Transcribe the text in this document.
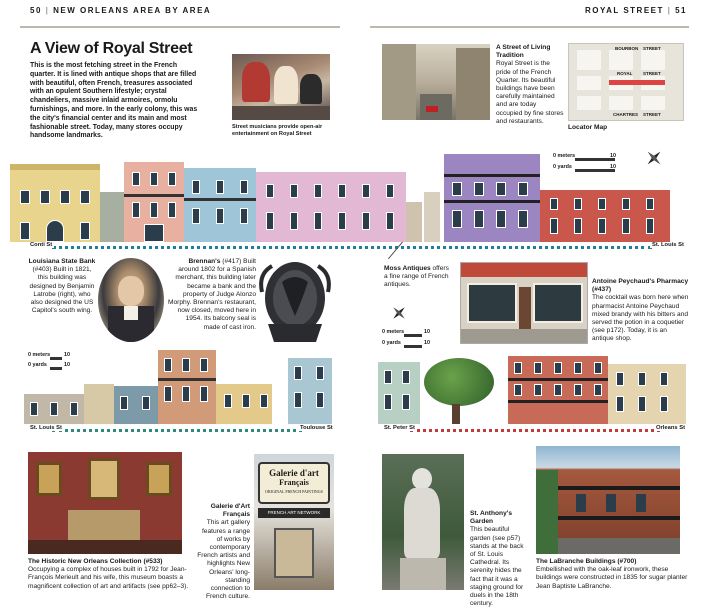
50 | NEW ORLEANS AREA BY AREA	ROYAL STREET | 51
A View of Royal Street
This is the most fetching street in the French quarter. It is lined with antique shops that are filled with beautiful, often French, treasures associated with an opulent Southern lifestyle; crystal chandeliers, massive inlaid armoires, ormolu furnishings, and more. In the early colony, this was the city's financial center and its main and most fashionable street. Today, many stores occupy handsome landmarks.
Street musicians provide open-air entertainment on Royal Street
A Street of Living Tradition
Royal Street is the pride of the French Quarter. Its beautiful buildings have been carefully maintained and are today occupied by fine stores and restaurants.
BOURBON STREET
ROYAL STREET
CHARTRES STREET
Locator Map
0 meters	10
0 yards	10
Conti St	St. Louis St
Louisiana State Bank
(#403) Built in 1821, this building was designed by Benjamin Latrobe (right), who also designed the US Capitol's south wing.
Brennan's (#417) Built around 1802 for a Spanish merchant, this building later became a bank and the property of Judge Alonzo Morphy. Brennan's restaurant, now closed, moved here in 1954. Its balcony seal is made of cast iron.
Moss Antiques offers a fine range of French antiques.	Antoine Peychaud's Pharmacy (#437)
The cocktail was born here when pharmacist Antoine Peychaud mixed brandy with his bitters and served the potion in a coquetier (see p172). Today, it is an antique shop.
0 meters	10
0 yards	10
0 meters	10
0 yards	10
St. Louis St	Toulouse St	St. Peter St	Orleans St
The Historic New Orleans Collection (#533)
Occupying a complex of houses built in 1792 for Jean-François Merieult and his wife, this museum boasts a magnificent collection of art and artifacts (see pp62–3).
Galerie d'art
Français
ORIGINAL FRENCH PAINTINGS
FRENCH ART NETWORK
Galerie d'Art Français
This art gallery features a range of works by contemporary French artists and highlights New Orleans' long-standing connection to French culture.
St. Anthony's Garden
This beautiful garden (see p57) stands at the back of St. Louis Cathedral. Its serenity hides the fact that it was a staging ground for duels in the 18th century.
The LaBranche Buildings (#700)
Embellished with the oak-leaf ironwork, these buildings were constructed in 1835 for sugar planter Jean Baptiste LaBranche.
